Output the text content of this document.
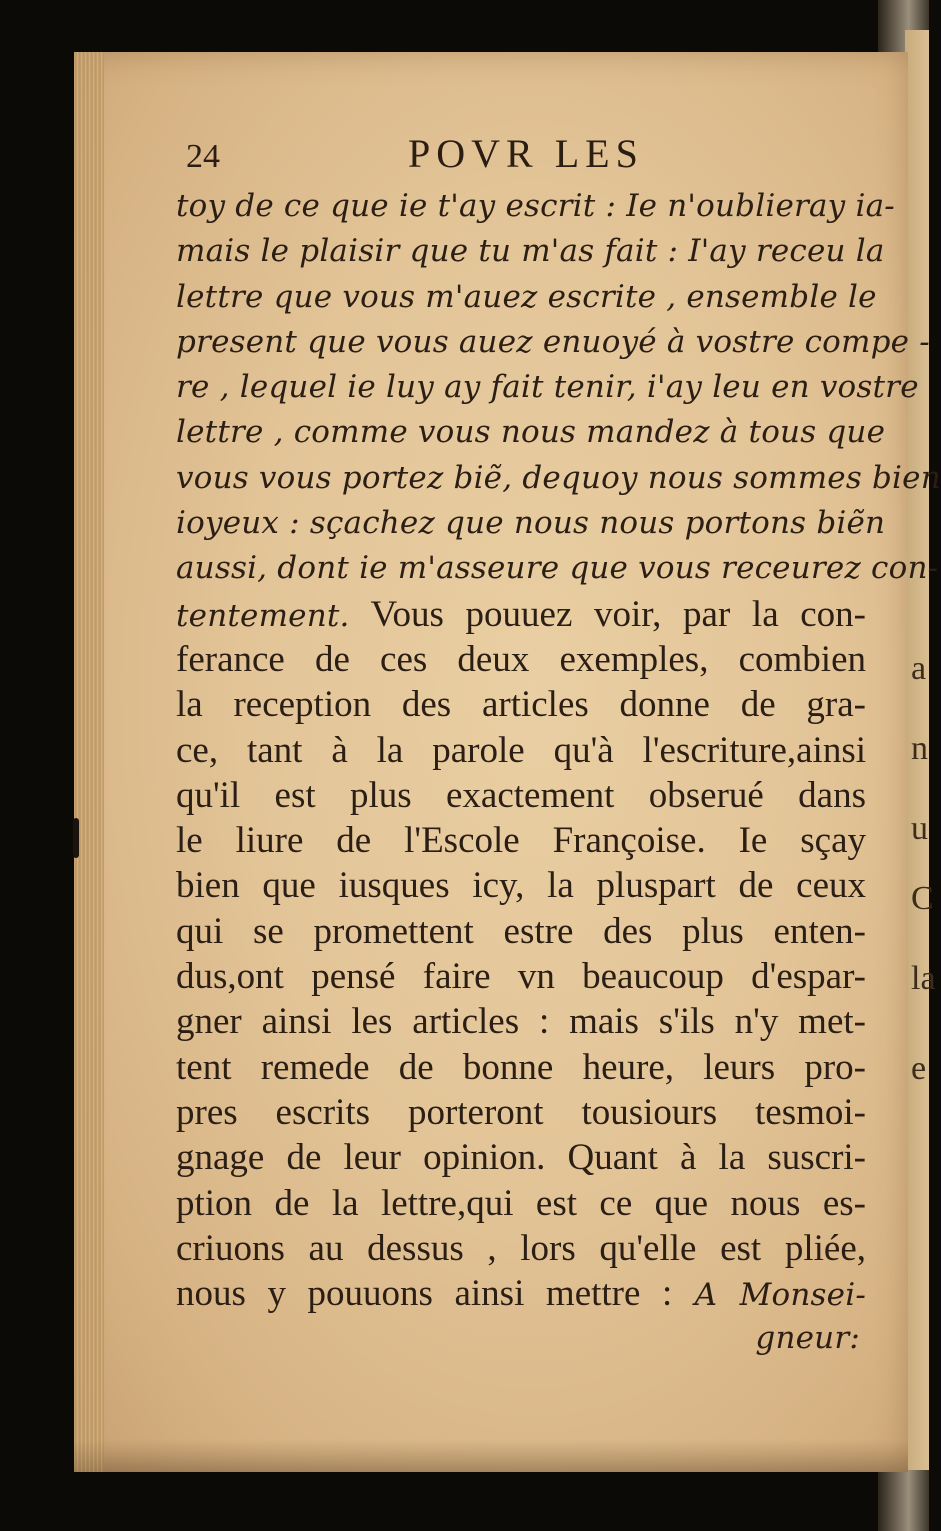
a
n
u
C
la
e
24	POVR LES
toy de ce que ie t'ay escrit : Ie n'oublieray ia-
mais le plaisir que tu m'as fait : I'ay receu la
lettre que vous m'auez escrite , ensemble le
present que vous auez enuoyé à vostre compe -
re , lequel ie luy ay fait tenir, i'ay leu en vostre
lettre , comme vous nous mandez à tous que
vous vous portez biẽ, dequoy nous sommes bien
ioyeux : sçachez que nous nous portons biẽn
aussi, dont ie m'asseure que vous receurez con-
tentement. Vous pouuez voir, par la con-
ferance de ces deux exemples, combien
la reception des articles donne de gra-
ce, tant à la parole qu'à l'escriture,ainsi
qu'il est plus exactement obserué dans
le liure de l'Escole Françoise. Ie sçay
bien que iusques icy, la pluspart de ceux
qui se promettent estre des plus enten-
dus,ont pensé faire vn beaucoup d'espar-
gner ainsi les articles : mais s'ils n'y met-
tent remede de bonne heure, leurs pro-
pres escrits porteront tousiours tesmoi-
gnage de leur opinion. Quant à la suscri-
ption de la lettre,qui est ce que nous es-
criuons au dessus , lors qu'elle est pliée,
nous y pouuons ainsi mettre : A Monsei-
gneur:
